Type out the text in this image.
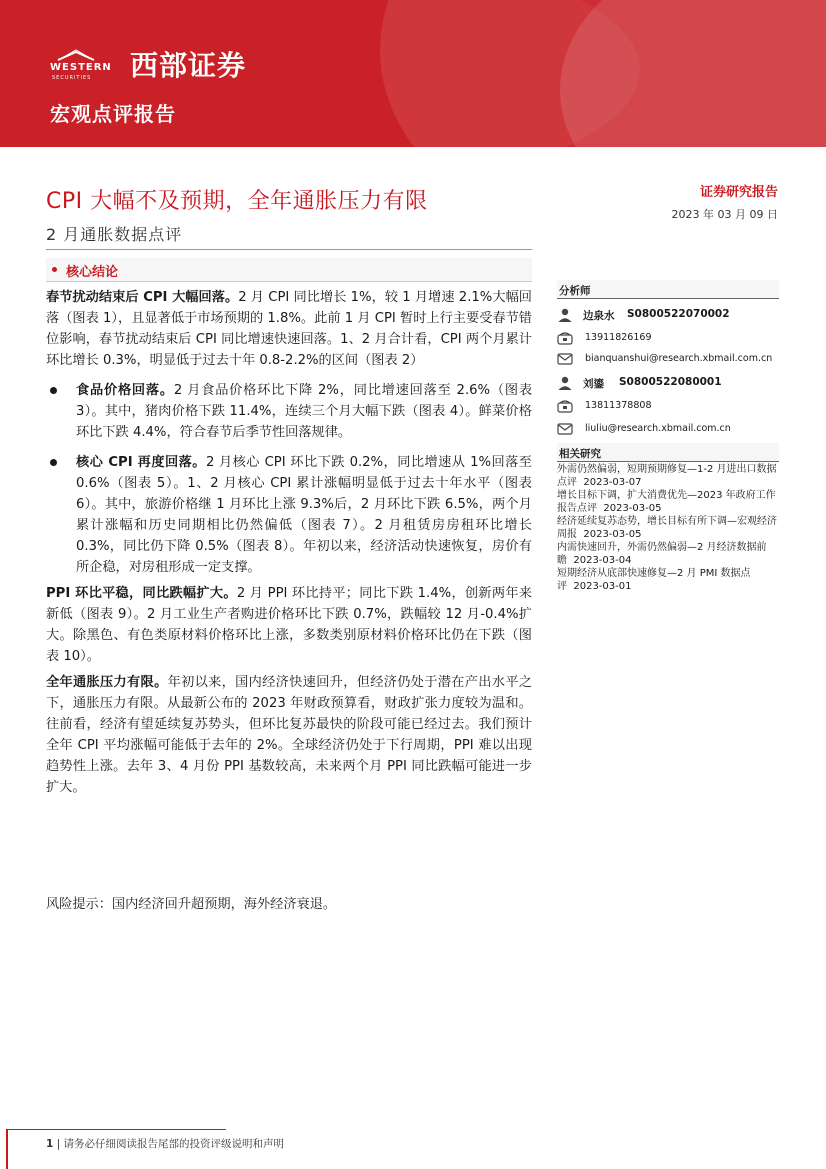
WESTERN
SECURITIES 西部证券
宏观点评报告
CPI 大幅不及预期，全年通胀压力有限
2 月通胀数据点评
证券研究报告
2023 年 03 月 09 日
核心结论
春节扰动结束后 CPI 大幅回落。2 月 CPI 同比增长 1%，较 1 月增速 2.1%大幅回落（图表 1），且显著低于市场预期的 1.8%。此前 1 月 CPI 暂时上行主要受春节错位影响，春节扰动结束后 CPI 同比增速快速回落。1、2 月合计看，CPI 两个月累计环比增长 0.3%，明显低于过去十年 0.8-2.2%的区间（图表 2）
食品价格回落。2 月食品价格环比下降 2%，同比增速回落至 2.6%（图表 3）。其中，猪肉价格下跌 11.4%，连续三个月大幅下跌（图表 4）。鲜菜价格环比下跌 4.4%，符合春节后季节性回落规律。
核心 CPI 再度回落。2 月核心 CPI 环比下跌 0.2%，同比增速从 1%回落至 0.6%（图表 5）。1、2 月核心 CPI 累计涨幅明显低于过去十年水平（图表 6）。其中，旅游价格继 1 月环比上涨 9.3%后，2 月环比下跌 6.5%，两个月累计涨幅和历史同期相比仍然偏低（图表 7）。2 月租赁房房租环比增长 0.3%，同比仍下降 0.5%（图表 8）。年初以来，经济活动快速恢复，房价有所企稳，对房租形成一定支撑。
PPI 环比平稳，同比跌幅扩大。2 月 PPI 环比持平；同比下跌 1.4%，创新两年来新低（图表 9）。2 月工业生产者购进价格环比下跌 0.7%，跌幅较 12 月-0.4%扩大。除黑色、有色类原材料价格环比上涨，多数类别原材料价格环比仍在下跌（图表 10）。
全年通胀压力有限。年初以来，国内经济快速回升，但经济仍处于潜在产出水平之下，通胀压力有限。从最新公布的 2023 年财政预算看，财政扩张力度较为温和。往前看，经济有望延续复苏势头，但环比复苏最快的阶段可能已经过去。我们预计全年 CPI 平均涨幅可能低于去年的 2%。全球经济仍处于下行周期，PPI 难以出现趋势性上涨。去年 3、4 月份 PPI 基数较高，未来两个月 PPI 同比跌幅可能进一步扩大。
风险提示：国内经济回升超预期，海外经济衰退。
分析师
边泉水 S0800522070002
13911826169
bianquanshui@research.xbmail.com.cn
刘鎏 S0800522080001
13811378808
liuliu@research.xbmail.com.cn
相关研究
外需仍然偏弱，短期预期修复—1-2 月进出口数据点评 2023-03-07
增长目标下调，扩大消费优先—2023 年政府工作报告点评 2023-03-05
经济延续复苏态势，增长目标有所下调—宏观经济周报 2023-03-05
内需快速回升，外需仍然偏弱—2 月经济数据前瞻 2023-03-04
短期经济从底部快速修复—2 月 PMI 数据点评 2023-03-01
1 | 请务必仔细阅读报告尾部的投资评级说明和声明
